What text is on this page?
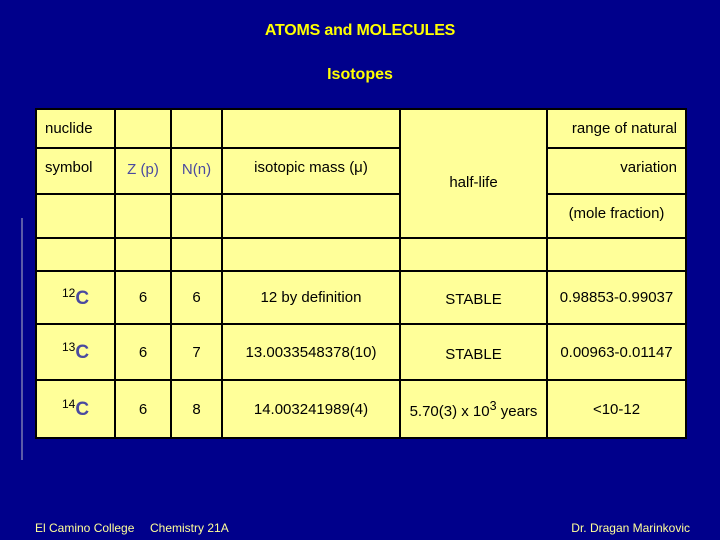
ATOMS and MOLECULES
Isotopes
nuclide				half-life	range of natural
symbol	Z (p)	N(n)	isotopic mass (μ)		variation
					(mole fraction)

$^{12}$C	6	6	12 by definition	STABLE	0.98853-0.99037
$^{13}$C	6	7	13.0033548378(10)	STABLE	0.00963-0.01147
$^{14}$C	6	8	14.003241989(4)	5.70(3) x $10^3$ years	<10-12
El Camino College Chemistry 21A	Dr. Dragan Marinkovic
